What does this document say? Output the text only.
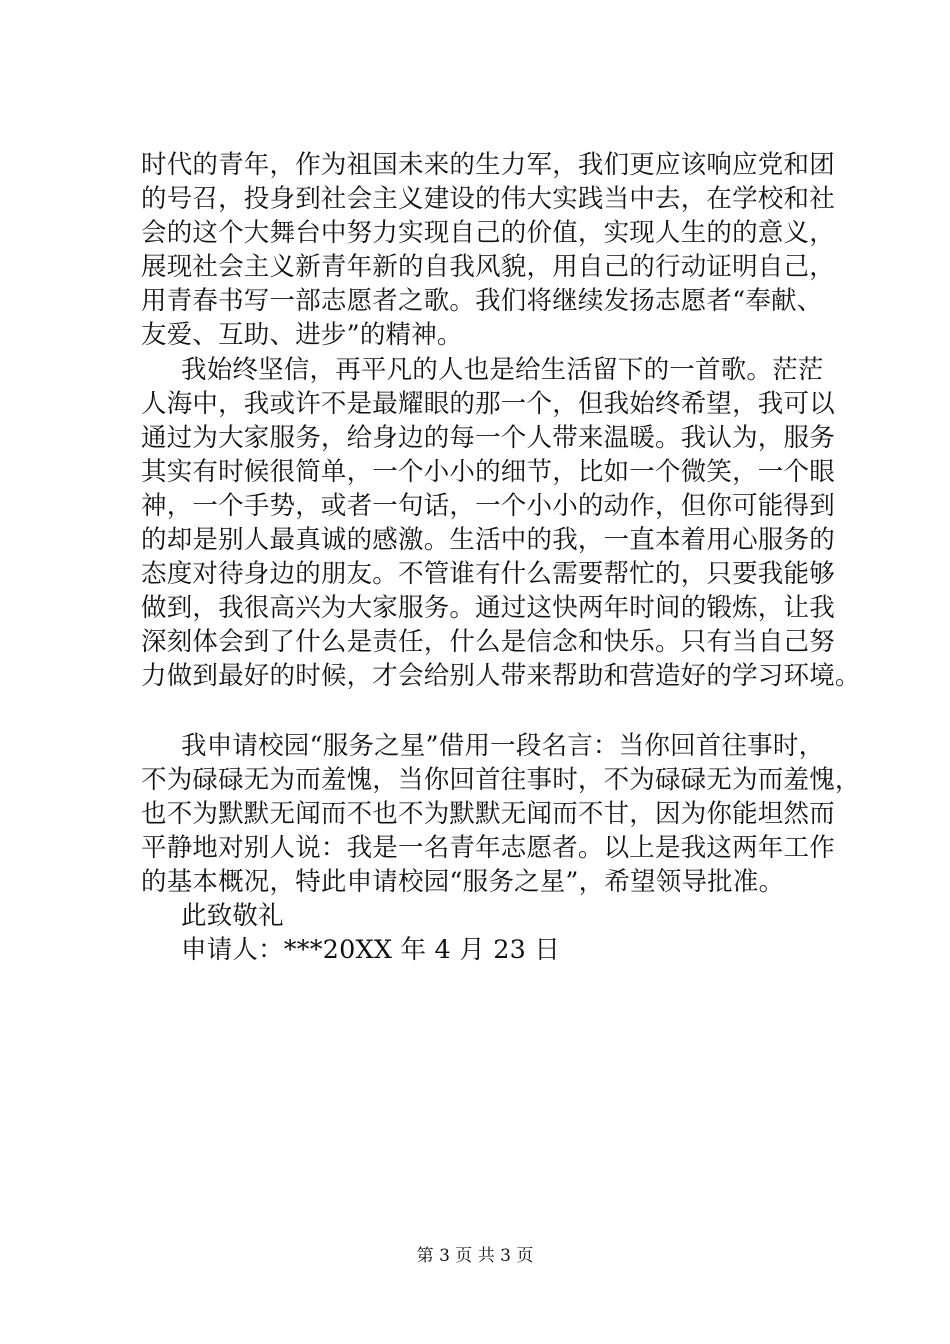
时代的青年，作为祖国未来的生力军，我们更应该响应党和团
的号召，投身到社会主义建设的伟大实践当中去，在学校和社
会的这个大舞台中努力实现自己的价值，实现人生的的意义，
展现社会主义新青年新的自我风貌，用自己的行动证明自己，
用青春书写一部志愿者之歌。我们将继续发扬志愿者“奉献、
友爱、互助、进步”的精神。
我始终坚信，再平凡的人也是给生活留下的一首歌。茫茫
人海中，我或许不是最耀眼的那一个，但我始终希望，我可以
通过为大家服务，给身边的每一个人带来温暖。我认为，服务
其实有时候很简单，一个小小的细节，比如一个微笑，一个眼
神，一个手势，或者一句话，一个小小的动作，但你可能得到
的却是别人最真诚的感激。生活中的我，一直本着用心服务的
态度对待身边的朋友。不管谁有什么需要帮忙的，只要我能够
做到，我很高兴为大家服务。通过这快两年时间的锻炼，让我
深刻体会到了什么是责任，什么是信念和快乐。只有当自己努
力做到最好的时候，才会给别人带来帮助和营造好的学习环境。
我申请校园“服务之星”借用一段名言：当你回首往事时，
不为碌碌无为而羞愧，当你回首往事时，不为碌碌无为而羞愧，
也不为默默无闻而不也不为默默无闻而不甘，因为你能坦然而
平静地对别人说：我是一名青年志愿者。以上是我这两年工作
的基本概况，特此申请校园“服务之星”，希望领导批准。
此致敬礼
申请人：***20XX 年 4 月 23 日
第 3 页 共 3 页
